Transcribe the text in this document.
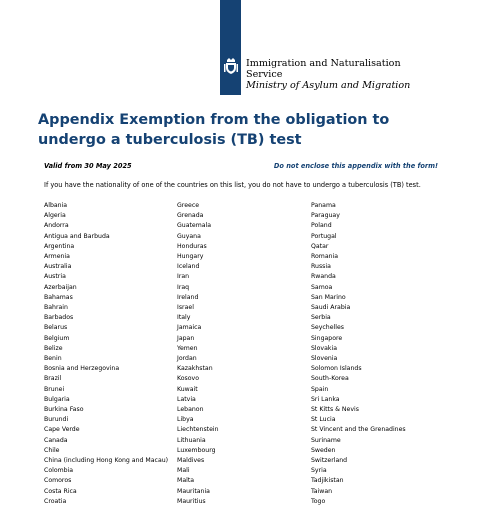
Immigration and Naturalisation
Service
Ministry of Asylum and Migration
Appendix Exemption from the obligation to undergo a tuberculosis (TB) test
Valid from 30 May 2025	Do not enclose this appendix with the form!
If you have the nationality of one of the countries on this list, you do not have to undergo a tuberculosis (TB) test.
Albania
Algeria
Andorra
Antigua and Barbuda
Argentina
Armenia
Australia
Austria
Azerbaijan
Bahamas
Bahrain
Barbados
Belarus
Belgium
Belize
Benin
Bosnia and Herzegovina
Brazil
Brunei
Bulgaria
Burkina Faso
Burundi
Cape Verde
Canada
Chile
China (including Hong Kong and Macau)
Colombia
Comoros
Costa Rica
Croatia
Greece
Grenada
Guatemala
Guyana
Honduras
Hungary
Iceland
Iran
Iraq
Ireland
Israel
Italy
Jamaica
Japan
Yemen
Jordan
Kazakhstan
Kosovo
Kuwait
Latvia
Lebanon
Libya
Liechtenstein
Lithuania
Luxembourg
Maldives
Mali
Malta
Mauritania
Mauritius
Panama
Paraguay
Poland
Portugal
Qatar
Romania
Russia
Rwanda
Samoa
San Marino
Saudi Arabia
Serbia
Seychelles
Singapore
Slovakia
Slovenia
Solomon Islands
South-Korea
Spain
Sri Lanka
St Kitts & Nevis
St Lucia
St Vincent and the Grenadines
Suriname
Sweden
Switzerland
Syria
Tadjikistan
Taiwan
Togo
